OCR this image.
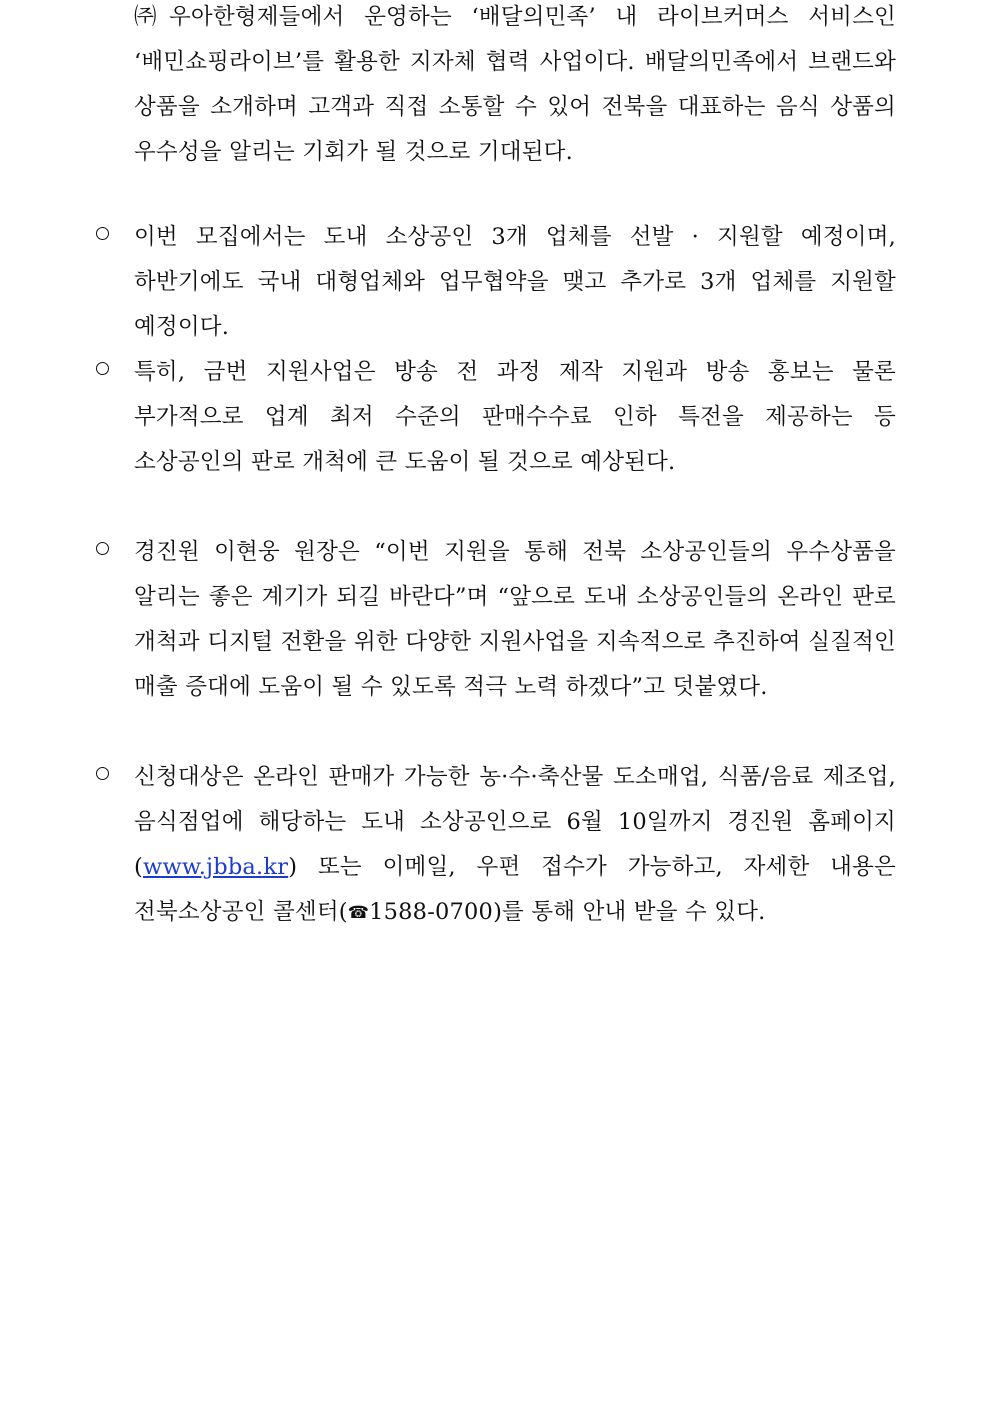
㈜우아한형제들에서 운영하는 ‘배달의민족’ 내 라이브커머스 서비스인 ‘배민쇼핑라이브’를 활용한 지자체 협력 사업이다. 배달의민족에서 브랜드와 상품을 소개하며 고객과 직접 소통할 수 있어 전북을 대표하는 음식 상품의 우수성을 알리는 기회가 될 것으로 기대된다.
이번 모집에서는 도내 소상공인 3개 업체를 선발 · 지원할 예정이며, 하반기에도 국내 대형업체와 업무협약을 맺고 추가로 3개 업체를 지원할 예정이다.
특히, 금번 지원사업은 방송 전 과정 제작 지원과 방송 홍보는 물론 부가적으로 업계 최저 수준의 판매수수료 인하 특전을 제공하는 등 소상공인의 판로 개척에 큰 도움이 될 것으로 예상된다.
경진원 이현웅 원장은 “이번 지원을 통해 전북 소상공인들의 우수상품을 알리는 좋은 계기가 되길 바란다”며 “앞으로 도내 소상공인들의 온라인 판로 개척과 디지털 전환을 위한 다양한 지원사업을 지속적으로 추진하여 실질적인 매출 증대에 도움이 될 수 있도록 적극 노력 하겠다”고 덧붙였다.
신청대상은 온라인 판매가 가능한 농·수·축산물 도소매업, 식품/음료 제조업, 음식점업에 해당하는 도내 소상공인으로 6월 10일까지 경진원 홈페이지(www.jbba.kr) 또는 이메일, 우편 접수가 가능하고, 자세한 내용은 전북소상공인 콜센터(☎1588-0700)를 통해 안내 받을 수 있다.
